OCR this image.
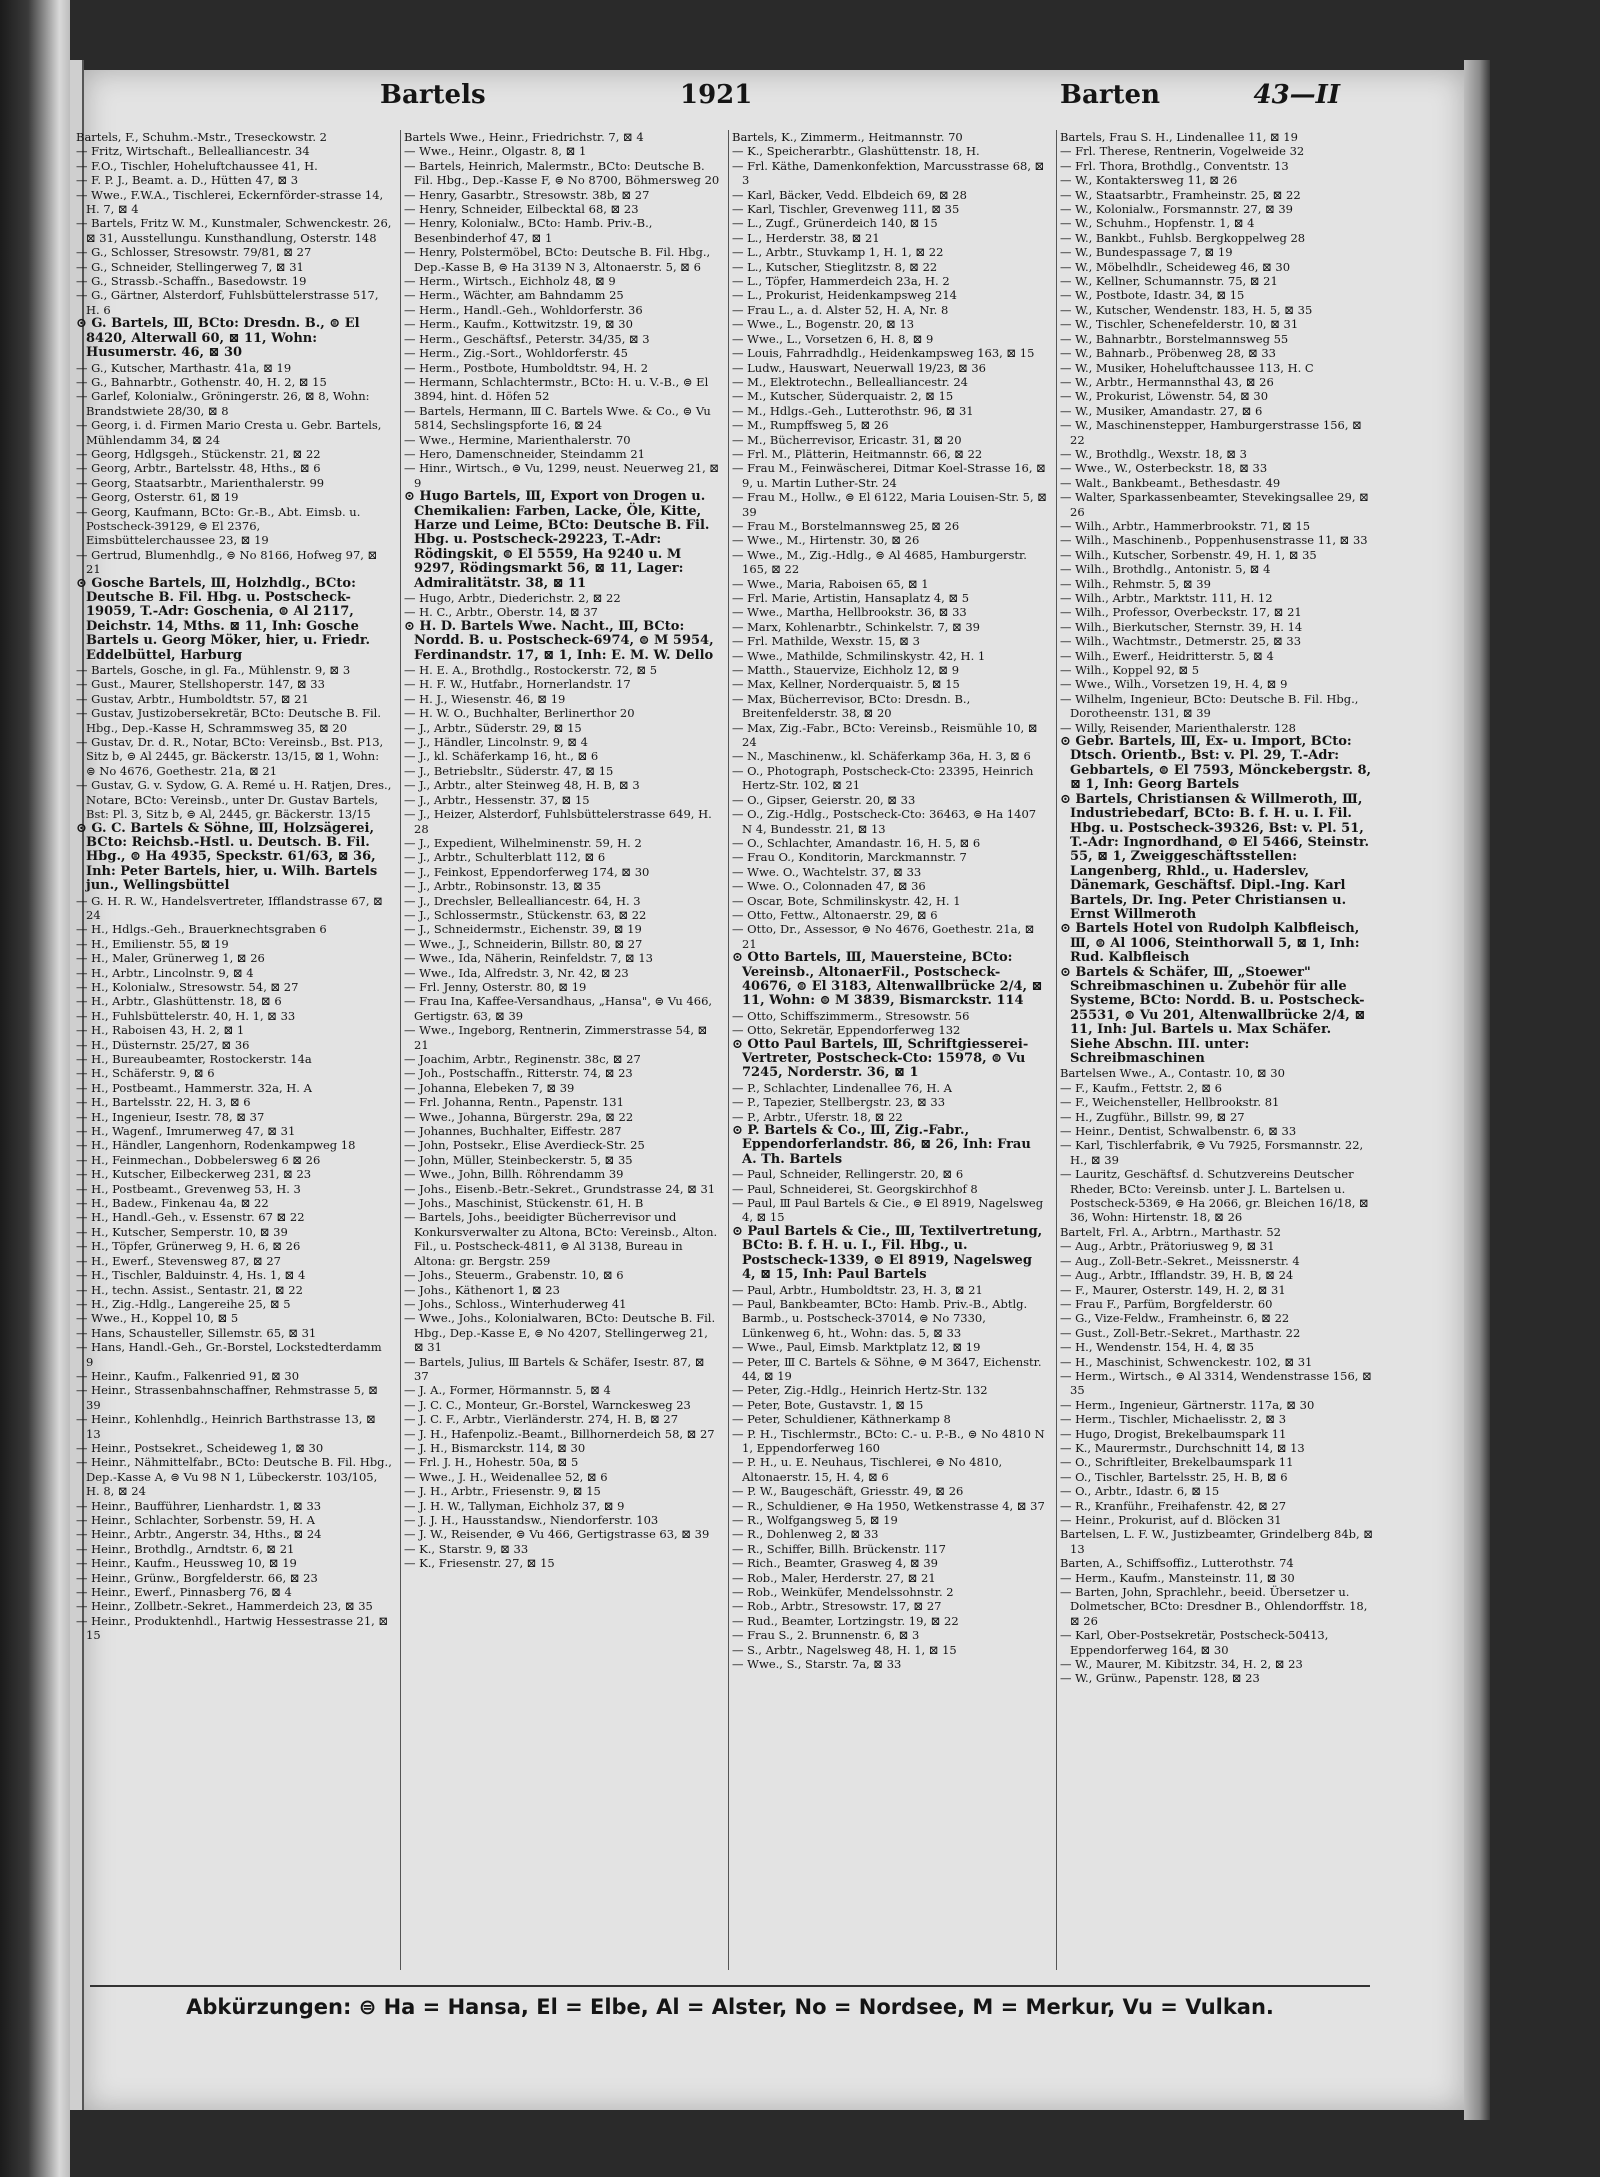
Bartels	1921	Barten	43—II

Bartels, F., Schuhm.-Mstr., Treseckowstr. 2

— Fritz, Wirtschaft., Bellealliancestr. 34

— F.O., Tischler, Hoheluftchaussee 41, H.

— F. P. J., Beamt. a. D., Hütten 47, ⊠ 3

— Wwe., F.W.A., Tischlerei, Eckernförder-strasse 14, H. 7, ⊠ 4

— Bartels, Fritz W. M., Kunstmaler, Schwenckestr. 26, ⊠ 31, Ausstellungu. Kunsthandlung, Osterstr. 148

— G., Schlosser, Stresowstr. 79/81, ⊠ 27

— G., Schneider, Stellingerweg 7, ⊠ 31

— G., Strassb.-Schaffn., Basedowstr. 19

— G., Gärtner, Alsterdorf, Fuhlsbüttelerstrasse 517, H. 6

⊙ G. Bartels, Ⅲ, BCto: Dresdn. B., ⊜ El 8420, Alterwall 60, ⊠ 11, Wohn: Husumerstr. 46, ⊠ 30

— G., Kutscher, Marthastr. 41a, ⊠ 19

— G., Bahnarbtr., Gothenstr. 40, H. 2, ⊠ 15

— Garlef, Kolonialw., Gröningerstr. 26, ⊠ 8, Wohn: Brandstwiete 28/30, ⊠ 8

— Georg, i. d. Firmen Mario Cresta u. Gebr. Bartels, Mühlendamm 34, ⊠ 24

— Georg, Hdlgsgeh., Stückenstr. 21, ⊠ 22

— Georg, Arbtr., Bartelsstr. 48, Hths., ⊠ 6

— Georg, Staatsarbtr., Marienthalerstr. 99

— Georg, Osterstr. 61, ⊠ 19

— Georg, Kaufmann, BCto: Gr.-B., Abt. Eimsb. u. Postscheck-39129, ⊜ El 2376, Eimsbüttelerchaussee 23, ⊠ 19

— Gertrud, Blumenhdlg., ⊜ No 8166, Hofweg 97, ⊠ 21

⊙ Gosche Bartels, Ⅲ, Holzhdlg., BCto: Deutsche B. Fil. Hbg. u. Postscheck-19059, T.-Adr: Goschenia, ⊜ Al 2117, Deichstr. 14, Mths. ⊠ 11, Inh: Gosche Bartels u. Georg Möker, hier, u. Friedr. Eddelbüttel, Harburg

— Bartels, Gosche, in gl. Fa., Mühlenstr. 9, ⊠ 3

— Gust., Maurer, Stellshoperstr. 147, ⊠ 33

— Gustav, Arbtr., Humboldtstr. 57, ⊠ 21

— Gustav, Justizobersekretär, BCto: Deutsche B. Fil. Hbg., Dep.-Kasse H, Schrammsweg 35, ⊠ 20

— Gustav, Dr. d. R., Notar, BCto: Vereinsb., Bst. P13, Sitz b, ⊜ Al 2445, gr. Bäckerstr. 13/15, ⊠ 1, Wohn: ⊜ No 4676, Goethestr. 21a, ⊠ 21

— Gustav, G. v. Sydow, G. A. Remé u. H. Ratjen, Dres., Notare, BCto: Vereinsb., unter Dr. Gustav Bartels, Bst: Pl. 3, Sitz b, ⊜ Al, 2445, gr. Bäckerstr. 13/15

⊙ G. C. Bartels & Söhne, Ⅲ, Holzsägerei, BCto: Reichsb.-Hstl. u. Deutsch. B. Fil. Hbg., ⊜ Ha 4935, Speckstr. 61/63, ⊠ 36, Inh: Peter Bartels, hier, u. Wilh. Bartels jun., Wellingsbüttel

— G. H. R. W., Handelsvertreter, Ifflandstrasse 67, ⊠ 24

— H., Hdlgs.-Geh., Brauerknechtsgraben 6

— H., Emilienstr. 55, ⊠ 19

— H., Maler, Grünerweg 1, ⊠ 26

— H., Arbtr., Lincolnstr. 9, ⊠ 4

— H., Kolonialw., Stresowstr. 54, ⊠ 27

— H., Arbtr., Glashüttenstr. 18, ⊠ 6

— H., Fuhlsbüttelerstr. 40, H. 1, ⊠ 33

— H., Raboisen 43, H. 2, ⊠ 1

— H., Düsternstr. 25/27, ⊠ 36

— H., Bureaubeamter, Rostockerstr. 14a

— H., Schäferstr. 9, ⊠ 6

— H., Postbeamt., Hammerstr. 32a, H. A

— H., Bartelsstr. 22, H. 3, ⊠ 6

— H., Ingenieur, Isestr. 78, ⊠ 37

— H., Wagenf., Imrumerweg 47, ⊠ 31

— H., Händler, Langenhorn, Rodenkampweg 18

— H., Feinmechan., Dobbelersweg 6 ⊠ 26

— H., Kutscher, Eilbeckerweg 231, ⊠ 23

— H., Postbeamt., Grevenweg 53, H. 3

— H., Badew., Finkenau 4a, ⊠ 22

— H., Handl.-Geh., v. Essenstr. 67 ⊠ 22

— H., Kutscher, Semperstr. 10, ⊠ 39

— H., Töpfer, Grünerweg 9, H. 6, ⊠ 26

— H., Ewerf., Stevensweg 87, ⊠ 27

— H., Tischler, Balduinstr. 4, Hs. 1, ⊠ 4

— H., techn. Assist., Sentastr. 21, ⊠ 22

— H., Zig.-Hdlg., Langereihe 25, ⊠ 5

— Wwe., H., Koppel 10, ⊠ 5

— Hans, Schausteller, Sillemstr. 65, ⊠ 31

— Hans, Handl.-Geh., Gr.-Borstel, Lockstedterdamm 9

— Heinr., Kaufm., Falkenried 91, ⊠ 30

— Heinr., Strassenbahnschaffner, Rehmstrasse 5, ⊠ 39

— Heinr., Kohlenhdlg., Heinrich Barthstrasse 13, ⊠ 13

— Heinr., Postsekret., Scheideweg 1, ⊠ 30

— Heinr., Nähmittelfabr., BCto: Deutsche B. Fil. Hbg., Dep.-Kasse A, ⊜ Vu 98 N 1, Lübeckerstr. 103/105, H. 8, ⊠ 24

— Heinr., Baufführer, Lienhardstr. 1, ⊠ 33

— Heinr., Schlachter, Sorbenstr. 59, H. A

— Heinr., Arbtr., Angerstr. 34, Hths., ⊠ 24

— Heinr., Brothdlg., Arndtstr. 6, ⊠ 21

— Heinr., Kaufm., Heussweg 10, ⊠ 19

— Heinr., Grünw., Borgfelderstr. 66, ⊠ 23

— Heinr., Ewerf., Pinnasberg 76, ⊠ 4

— Heinr., Zollbetr.-Sekret., Hammerdeich 23, ⊠ 35

— Heinr., Produktenhdl., Hartwig Hessestrasse 21, ⊠ 15

Bartels Wwe., Heinr., Friedrichstr. 7, ⊠ 4

— Wwe., Heinr., Olgastr. 8, ⊠ 1

— Bartels, Heinrich, Malermstr., BCto: Deutsche B. Fil. Hbg., Dep.-Kasse F, ⊜ No 8700, Böhmersweg 20

— Henry, Gasarbtr., Stresowstr. 38b, ⊠ 27

— Henry, Schneider, Eilbecktal 68, ⊠ 23

— Henry, Kolonialw., BCto: Hamb. Priv.-B., Besenbinderhof 47, ⊠ 1

— Henry, Polstermöbel, BCto: Deutsche B. Fil. Hbg., Dep.-Kasse B, ⊜ Ha 3139 N 3, Altonaerstr. 5, ⊠ 6

— Herm., Wirtsch., Eichholz 48, ⊠ 9

— Herm., Wächter, am Bahndamm 25

— Herm., Handl.-Geh., Wohldorferstr. 36

— Herm., Kaufm., Kottwitzstr. 19, ⊠ 30

— Herm., Geschäftsf., Peterstr. 34/35, ⊠ 3

— Herm., Zig.-Sort., Wohldorferstr. 45

— Herm., Postbote, Humboldtstr. 94, H. 2

— Hermann, Schlachtermstr., BCto: H. u. V.-B., ⊜ El 3894, hint. d. Höfen 52

— Bartels, Hermann, Ⅲ C. Bartels Wwe. & Co., ⊜ Vu 5814, Sechslingspforte 16, ⊠ 24

— Wwe., Hermine, Marienthalerstr. 70

— Hero, Damenschneider, Steindamm 21

— Hinr., Wirtsch., ⊜ Vu, 1299, neust. Neuerweg 21, ⊠ 9

⊙ Hugo Bartels, Ⅲ, Export von Drogen u. Chemikalien: Farben, Lacke, Öle, Kitte, Harze und Leime, BCto: Deutsche B. Fil. Hbg. u. Postscheck-29223, T.-Adr: Rödingskit, ⊜ El 5559, Ha 9240 u. M 9297, Rödingsmarkt 56, ⊠ 11, Lager: Admiralitätstr. 38, ⊠ 11

— Hugo, Arbtr., Diederichstr. 2, ⊠ 22

— H. C., Arbtr., Oberstr. 14, ⊠ 37

⊙ H. D. Bartels Wwe. Nacht., Ⅲ, BCto: Nordd. B. u. Postscheck-6974, ⊜ M 5954, Ferdinandstr. 17, ⊠ 1, Inh: E. M. W. Dello

— H. E. A., Brothdlg., Rostockerstr. 72, ⊠ 5

— H. F. W., Hutfabr., Hornerlandstr. 17

— H. J., Wiesenstr. 46, ⊠ 19

— H. W. O., Buchhalter, Berlinerthor 20

— J., Arbtr., Süderstr. 29, ⊠ 15

— J., Händler, Lincolnstr. 9, ⊠ 4

— J., kl. Schäferkamp 16, ht., ⊠ 6

— J., Betriebsltr., Süderstr. 47, ⊠ 15

— J., Arbtr., alter Steinweg 48, H. B, ⊠ 3

— J., Arbtr., Hessenstr. 37, ⊠ 15

— J., Heizer, Alsterdorf, Fuhlsbüttelerstrasse 649, H. 28

— J., Expedient, Wilhelminenstr. 59, H. 2

— J., Arbtr., Schulterblatt 112, ⊠ 6

— J., Feinkost, Eppendorferweg 174, ⊠ 30

— J., Arbtr., Robinsonstr. 13, ⊠ 35

— J., Drechsler, Bellealliancestr. 64, H. 3

— J., Schlossermstr., Stückenstr. 63, ⊠ 22

— J., Schneidermstr., Eichenstr. 39, ⊠ 19

— Wwe., J., Schneiderin, Billstr. 80, ⊠ 27

— Wwe., Ida, Näherin, Reinfeldstr. 7, ⊠ 13

— Wwe., Ida, Alfredstr. 3, Nr. 42, ⊠ 23

— Frl. Jenny, Osterstr. 80, ⊠ 19

— Frau Ina, Kaffee-Versandhaus, „Hansa", ⊜ Vu 466, Gertigstr. 63, ⊠ 39

— Wwe., Ingeborg, Rentnerin, Zimmerstrasse 54, ⊠ 21

— Joachim, Arbtr., Reginenstr. 38c, ⊠ 27

— Joh., Postschaffn., Ritterstr. 74, ⊠ 23

— Johanna, Elebeken 7, ⊠ 39

— Frl. Johanna, Rentn., Papenstr. 131

— Wwe., Johanna, Bürgerstr. 29a, ⊠ 22

— Johannes, Buchhalter, Eiffestr. 287

— John, Postsekr., Elise Averdieck-Str. 25

— John, Müller, Steinbeckerstr. 5, ⊠ 35

— Wwe., John, Billh. Röhrendamm 39

— Johs., Eisenb.-Betr.-Sekret., Grundstrasse 24, ⊠ 31

— Johs., Maschinist, Stückenstr. 61, H. B

— Bartels, Johs., beeidigter Bücherrevisor und Konkursverwalter zu Altona, BCto: Vereinsb., Alton. Fil., u. Postscheck-4811, ⊜ Al 3138, Bureau in Altona: gr. Bergstr. 259

— Johs., Steuerm., Grabenstr. 10, ⊠ 6

— Johs., Käthenort 1, ⊠ 23

— Johs., Schloss., Winterhuderweg 41

— Wwe., Johs., Kolonialwaren, BCto: Deutsche B. Fil. Hbg., Dep.-Kasse E, ⊜ No 4207, Stellingerweg 21, ⊠ 31

— Bartels, Julius, Ⅲ Bartels & Schäfer, Isestr. 87, ⊠ 37

— J. A., Former, Hörmannstr. 5, ⊠ 4

— J. C. C., Monteur, Gr.-Borstel, Warnckesweg 23

— J. C. F., Arbtr., Vierländerstr. 274, H. B, ⊠ 27

— J. H., Hafenpoliz.-Beamt., Billhornerdeich 58, ⊠ 27

— J. H., Bismarckstr. 114, ⊠ 30

— Frl. J. H., Hohestr. 50a, ⊠ 5

— Wwe., J. H., Weidenallee 52, ⊠ 6

— J. H., Arbtr., Friesenstr. 9, ⊠ 15

— J. H. W., Tallyman, Eichholz 37, ⊠ 9

— J. J. H., Hausstandsw., Niendorferstr. 103

— J. W., Reisender, ⊜ Vu 466, Gertigstrasse 63, ⊠ 39

— K., Starstr. 9, ⊠ 33

— K., Friesenstr. 27, ⊠ 15

Bartels, K., Zimmerm., Heitmannstr. 70

— K., Speicherarbtr., Glashüttenstr. 18, H.

— Frl. Käthe, Damenkonfektion, Marcusstrasse 68, ⊠ 3

— Karl, Bäcker, Vedd. Elbdeich 69, ⊠ 28

— Karl, Tischler, Grevenweg 111, ⊠ 35

— L., Zugf., Grünerdeich 140, ⊠ 15

— L., Herderstr. 38, ⊠ 21

— L., Arbtr., Stuvkamp 1, H. 1, ⊠ 22

— L., Kutscher, Stieglitzstr. 8, ⊠ 22

— L., Töpfer, Hammerdeich 23a, H. 2

— L., Prokurist, Heidenkampsweg 214

— Frau L., a. d. Alster 52, H. A, Nr. 8

— Wwe., L., Bogenstr. 20, ⊠ 13

— Wwe., L., Vorsetzen 6, H. 8, ⊠ 9

— Louis, Fahrradhdlg., Heidenkampsweg 163, ⊠ 15

— Ludw., Hauswart, Neuerwall 19/23, ⊠ 36

— M., Elektrotechn., Bellealliancestr. 24

— M., Kutscher, Süderquaistr. 2, ⊠ 15

— M., Hdlgs.-Geh., Lutterothstr. 96, ⊠ 31

— M., Rumpffsweg 5, ⊠ 26

— M., Bücherrevisor, Ericastr. 31, ⊠ 20

— Frl. M., Plätterin, Heitmannstr. 66, ⊠ 22

— Frau M., Feinwäscherei, Ditmar Koel-Strasse 16, ⊠ 9, u. Martin Luther-Str. 24

— Frau M., Hollw., ⊜ El 6122, Maria Louisen-Str. 5, ⊠ 39

— Frau M., Borstelmannsweg 25, ⊠ 26

— Wwe., M., Hirtenstr. 30, ⊠ 26

— Wwe., M., Zig.-Hdlg., ⊜ Al 4685, Hamburgerstr. 165, ⊠ 22

— Wwe., Maria, Raboisen 65, ⊠ 1

— Frl. Marie, Artistin, Hansaplatz 4, ⊠ 5

— Wwe., Martha, Hellbrookstr. 36, ⊠ 33

— Marx, Kohlenarbtr., Schinkelstr. 7, ⊠ 39

— Frl. Mathilde, Wexstr. 15, ⊠ 3

— Wwe., Mathilde, Schmilinskystr. 42, H. 1

— Matth., Stauervize, Eichholz 12, ⊠ 9

— Max, Kellner, Norderquaistr. 5, ⊠ 15

— Max, Bücherrevisor, BCto: Dresdn. B., Breitenfelderstr. 38, ⊠ 20

— Max, Zig.-Fabr., BCto: Vereinsb., Reismühle 10, ⊠ 24

— N., Maschinenw., kl. Schäferkamp 36a, H. 3, ⊠ 6

— O., Photograph, Postscheck-Cto: 23395, Heinrich Hertz-Str. 102, ⊠ 21

— O., Gipser, Geierstr. 20, ⊠ 33

— O., Zig.-Hdlg., Postscheck-Cto: 36463, ⊜ Ha 1407 N 4, Bundesstr. 21, ⊠ 13

— O., Schlachter, Amandastr. 16, H. 5, ⊠ 6

— Frau O., Konditorin, Marckmannstr. 7

— Wwe. O., Wachtelstr. 37, ⊠ 33

— Wwe. O., Colonnaden 47, ⊠ 36

— Oscar, Bote, Schmilinskystr. 42, H. 1

— Otto, Fettw., Altonaerstr. 29, ⊠ 6

— Otto, Dr., Assessor, ⊜ No 4676, Goethestr. 21a, ⊠ 21

⊙ Otto Bartels, Ⅲ, Mauersteine, BCto: Vereinsb., AltonaerFil., Postscheck-40676, ⊜ El 3183, Altenwallbrücke 2/4, ⊠ 11, Wohn: ⊜ M 3839, Bismarckstr. 114

— Otto, Schiffszimmerm., Stresowstr. 56

— Otto, Sekretär, Eppendorferweg 132

⊙ Otto Paul Bartels, Ⅲ, Schriftgiesserei-Vertreter, Postscheck-Cto: 15978, ⊜ Vu 7245, Norderstr. 36, ⊠ 1

— P., Schlachter, Lindenallee 76, H. A

— P., Tapezier, Stellbergstr. 23, ⊠ 33

— P., Arbtr., Uferstr. 18, ⊠ 22

⊙ P. Bartels & Co., Ⅲ, Zig.-Fabr., Eppendorferlandstr. 86, ⊠ 26, Inh: Frau A. Th. Bartels

— Paul, Schneider, Rellingerstr. 20, ⊠ 6

— Paul, Schneiderei, St. Georgskirchhof 8

— Paul, Ⅲ Paul Bartels & Cie., ⊜ El 8919, Nagelsweg 4, ⊠ 15

⊙ Paul Bartels & Cie., Ⅲ, Textilvertretung, BCto: B. f. H. u. I., Fil. Hbg., u. Postscheck-1339, ⊜ El 8919, Nagelsweg 4, ⊠ 15, Inh: Paul Bartels

— Paul, Arbtr., Humboldtstr. 23, H. 3, ⊠ 21

— Paul, Bankbeamter, BCto: Hamb. Priv.-B., Abtlg. Barmb., u. Postscheck-37014, ⊜ No 7330, Lünkenweg 6, ht., Wohn: das. 5, ⊠ 33

— Wwe., Paul, Eimsb. Marktplatz 12, ⊠ 19

— Peter, Ⅲ C. Bartels & Söhne, ⊜ M 3647, Eichenstr. 44, ⊠ 19

— Peter, Zig.-Hdlg., Heinrich Hertz-Str. 132

— Peter, Bote, Gustavstr. 1, ⊠ 15

— Peter, Schuldiener, Käthnerkamp 8

— P. H., Tischlermstr., BCto: C.- u. P.-B., ⊜ No 4810 N 1, Eppendorferweg 160

— P. H., u. E. Neuhaus, Tischlerei, ⊜ No 4810, Altonaerstr. 15, H. 4, ⊠ 6

— P. W., Baugeschäft, Griesstr. 49, ⊠ 26

— R., Schuldiener, ⊜ Ha 1950, Wetkenstrasse 4, ⊠ 37

— R., Wolfgangsweg 5, ⊠ 19

— R., Dohlenweg 2, ⊠ 33

— R., Schiffer, Billh. Brückenstr. 117

— Rich., Beamter, Grasweg 4, ⊠ 39

— Rob., Maler, Herderstr. 27, ⊠ 21

— Rob., Weinküfer, Mendelssohnstr. 2

— Rob., Arbtr., Stresowstr. 17, ⊠ 27

— Rud., Beamter, Lortzingstr. 19, ⊠ 22

— Frau S., 2. Brunnenstr. 6, ⊠ 3

— S., Arbtr., Nagelsweg 48, H. 1, ⊠ 15

— Wwe., S., Starstr. 7a, ⊠ 33

Bartels, Frau S. H., Lindenallee 11, ⊠ 19

— Frl. Therese, Rentnerin, Vogelweide 32

— Frl. Thora, Brothdlg., Conventstr. 13

— W., Kontaktersweg 11, ⊠ 26

— W., Staatsarbtr., Framheinstr. 25, ⊠ 22

— W., Kolonialw., Forsmannstr. 27, ⊠ 39

— W., Schuhm., Hopfenstr. 1, ⊠ 4

— W., Bankbt., Fuhlsb. Bergkoppelweg 28

— W., Bundespassage 7, ⊠ 19

— W., Möbelhdlr., Scheideweg 46, ⊠ 30

— W., Kellner, Schumannstr. 75, ⊠ 21

— W., Postbote, Idastr. 34, ⊠ 15

— W., Kutscher, Wendenstr. 183, H. 5, ⊠ 35

— W., Tischler, Schenefelderstr. 10, ⊠ 31

— W., Bahnarbtr., Borstelmannsweg 55

— W., Bahnarb., Pröbenweg 28, ⊠ 33

— W., Musiker, Hoheluftchaussee 113, H. C

— W., Arbtr., Hermannsthal 43, ⊠ 26

— W., Prokurist, Löwenstr. 54, ⊠ 30

— W., Musiker, Amandastr. 27, ⊠ 6

— W., Maschinenstepper, Hamburgerstrasse 156, ⊠ 22

— W., Brothdlg., Wexstr. 18, ⊠ 3

— Wwe., W., Osterbeckstr. 18, ⊠ 33

— Walt., Bankbeamt., Bethesdastr. 49

— Walter, Sparkassenbeamter, Stevekingsallee 29, ⊠ 26

— Wilh., Arbtr., Hammerbrookstr. 71, ⊠ 15

— Wilh., Maschinenb., Poppenhusenstrasse 11, ⊠ 33

— Wilh., Kutscher, Sorbenstr. 49, H. 1, ⊠ 35

— Wilh., Brothdlg., Antonistr. 5, ⊠ 4

— Wilh., Rehmstr. 5, ⊠ 39

— Wilh., Arbtr., Marktstr. 111, H. 12

— Wilh., Professor, Overbeckstr. 17, ⊠ 21

— Wilh., Bierkutscher, Sternstr. 39, H. 14

— Wilh., Wachtmstr., Detmerstr. 25, ⊠ 33

— Wilh., Ewerf., Heidritterstr. 5, ⊠ 4

— Wilh., Koppel 92, ⊠ 5

— Wwe., Wilh., Vorsetzen 19, H. 4, ⊠ 9

— Wilhelm, Ingenieur, BCto: Deutsche B. Fil. Hbg., Dorotheenstr. 131, ⊠ 39

— Willy, Reisender, Marienthalerstr. 128

⊙ Gebr. Bartels, Ⅲ, Ex- u. Import, BCto: Dtsch. Orientb., Bst: v. Pl. 29, T.-Adr: Gebbartels, ⊜ El 7593, Mönckebergstr. 8, ⊠ 1, Inh: Georg Bartels

⊙ Bartels, Christiansen & Willmeroth, Ⅲ, Industriebedarf, BCto: B. f. H. u. I. Fil. Hbg. u. Postscheck-39326, Bst: v. Pl. 51, T.-Adr: Ingnordhand, ⊜ El 5466, Steinstr. 55, ⊠ 1, Zweiggeschäftsstellen: Langenberg, Rhld., u. Haderslev, Dänemark, Geschäftsf. Dipl.-Ing. Karl Bartels, Dr. Ing. Peter Christiansen u. Ernst Willmeroth

⊙ Bartels Hotel von Rudolph Kalbfleisch, Ⅲ, ⊜ Al 1006, Steinthorwall 5, ⊠ 1, Inh: Rud. Kalbfleisch

⊙ Bartels & Schäfer, Ⅲ, „Stoewer" Schreibmaschinen u. Zubehör für alle Systeme, BCto: Nordd. B. u. Postscheck-25531, ⊜ Vu 201, Altenwallbrücke 2/4, ⊠ 11, Inh: Jul. Bartels u. Max Schäfer. Siehe Abschn. III. unter: Schreibmaschinen

Bartelsen Wwe., A., Contastr. 10, ⊠ 30

— F., Kaufm., Fettstr. 2, ⊠ 6

— F., Weichensteller, Hellbrookstr. 81

— H., Zugführ., Billstr. 99, ⊠ 27

— Heinr., Dentist, Schwalbenstr. 6, ⊠ 33

— Karl, Tischlerfabrik, ⊜ Vu 7925, Forsmannstr. 22, H., ⊠ 39

— Lauritz, Geschäftsf. d. Schutzvereins Deutscher Rheder, BCto: Vereinsb. unter J. L. Bartelsen u. Postscheck-5369, ⊜ Ha 2066, gr. Bleichen 16/18, ⊠ 36, Wohn: Hirtenstr. 18, ⊠ 26

Bartelt, Frl. A., Arbtrn., Marthastr. 52

— Aug., Arbtr., Prätoriusweg 9, ⊠ 31

— Aug., Zoll-Betr.-Sekret., Meissnerstr. 4

— Aug., Arbtr., Ifflandstr. 39, H. B, ⊠ 24

— F., Maurer, Osterstr. 149, H. 2, ⊠ 31

— Frau F., Parfüm, Borgfelderstr. 60

— G., Vize-Feldw., Framheinstr. 6, ⊠ 22

— Gust., Zoll-Betr.-Sekret., Marthastr. 22

— H., Wendenstr. 154, H. 4, ⊠ 35

— H., Maschinist, Schwenckestr. 102, ⊠ 31

— Herm., Wirtsch., ⊜ Al 3314, Wendenstrasse 156, ⊠ 35

— Herm., Ingenieur, Gärtnerstr. 117a, ⊠ 30

— Herm., Tischler, Michaelisstr. 2, ⊠ 3

— Hugo, Drogist, Brekelbaumspark 11

— K., Maurermstr., Durchschnitt 14, ⊠ 13

— O., Schriftleiter, Brekelbaumspark 11

— O., Tischler, Bartelsstr. 25, H. B, ⊠ 6

— O., Arbtr., Idastr. 6, ⊠ 15

— R., Kranführ., Freihafenstr. 42, ⊠ 27

— Heinr., Prokurist, auf d. Blöcken 31

Bartelsen, L. F. W., Justizbeamter, Grindelberg 84b, ⊠ 13

Barten, A., Schiffsoffiz., Lutterothstr. 74

— Herm., Kaufm., Mansteinstr. 11, ⊠ 30

— Barten, John, Sprachlehr., beeid. Übersetzer u. Dolmetscher, BCto: Dresdner B., Ohlendorffstr. 18, ⊠ 26

— Karl, Ober-Postsekretär, Postscheck-50413, Eppendorferweg 164, ⊠ 30

— W., Maurer, M. Kibitzstr. 34, H. 2, ⊠ 23

— W., Grünw., Papenstr. 128, ⊠ 23

Abkürzungen: ⊜ Ha = Hansa, El = Elbe, Al = Alster, No = Nordsee, M = Merkur, Vu = Vulkan.
